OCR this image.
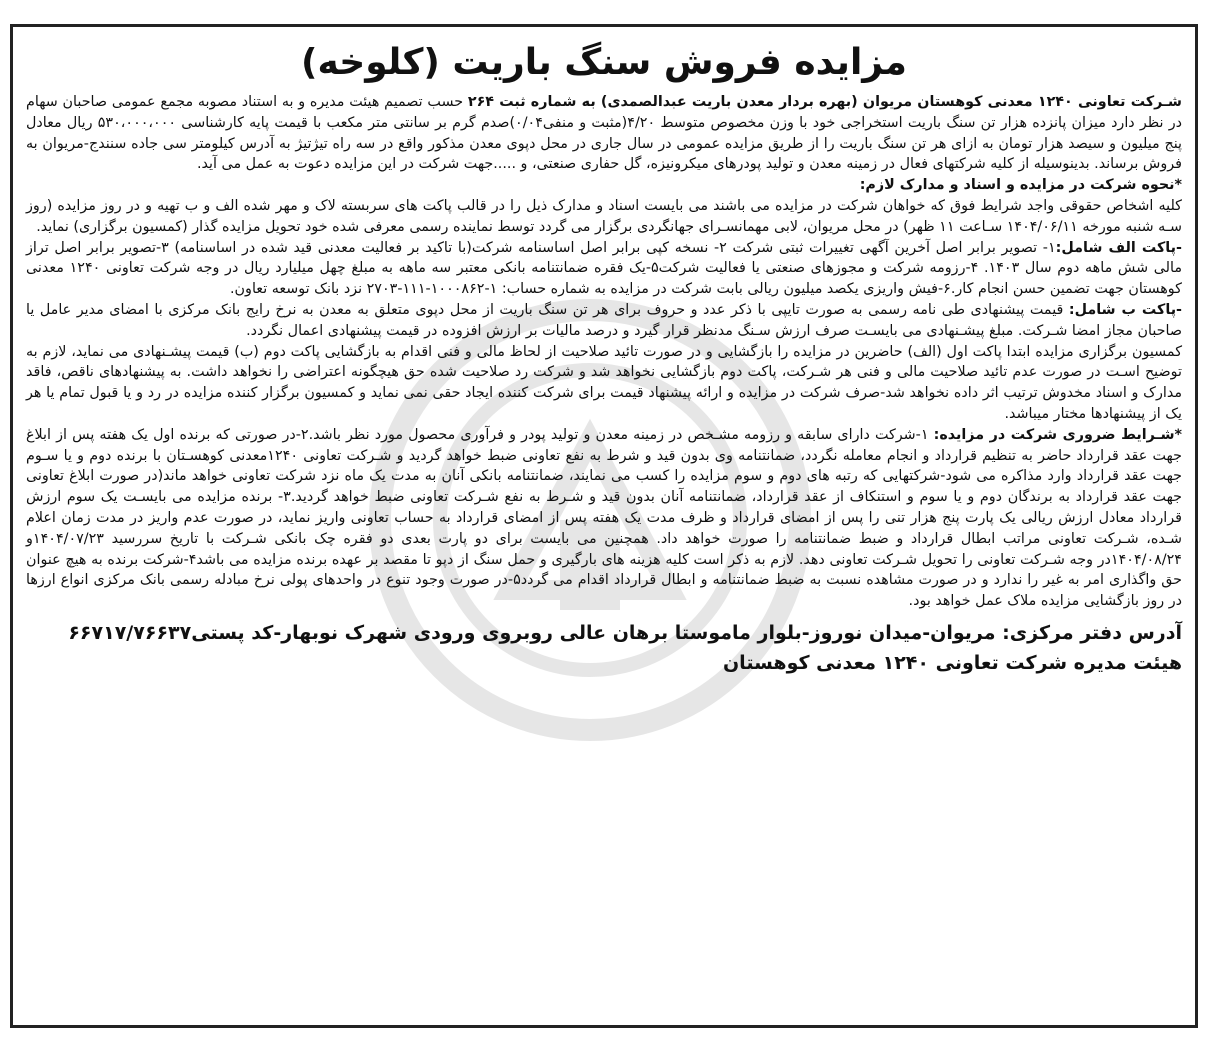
مزایده فروش سنگ باریت (کلوخه)

شـرکت تعاونی ۱۲۴۰ معدنی کوهستان مریوان (بهره بردار معدن باریت عبدالصمدی) به شماره ثبت ۲۶۴ حسب تصمیم هیئت مدیره و به استناد مصوبه مجمع عمومی صاحبان سهام در نظر دارد میزان پانزده هزار تن سنگ باریت استخراجی خود با وزن مخصوص متوسط ۴/۲۰(مثبت و منفی۰/۰۴)صدم گرم بر سانتی متر مکعب با قیمت پایه کارشناسی ۵۳۰،۰۰۰،۰۰۰ ریال معادل پنج میلیون و سیصد هزار تومان به ازای هر تن سنگ باریت را از طریق مزایده عمومی در سال جاری در محل دپوی معدن مذکور واقع در سه راه تیژتیژ به آدرس کیلومتر سی جاده سنندج-مریوان به فروش برساند. بدینوسیله از کلیه شرکتهای فعال در زمینه معدن و تولید پودرهای میکرونیزه، گل حفاری صنعتی، و .....جهت شرکت در این مزایده دعوت به عمل می آید.

*نحوه شرکت در مزایده و اسناد و مدارک لازم:

کلیه اشخاص حقوقی واجد شرایط فوق که خواهان شرکت در مزایده می باشند می بایست اسناد و مدارک ذیل را در قالب پاکت های سربسته لاک و مهر شده الف و ب تهیه و در روز مزایده (روز سـه شنبه مورخه ۱۴۰۴/۰۶/۱۱ سـاعت ۱۱ ظهر) در محل مریوان، لابی مهمانسـرای جهانگردی برگزار می گردد توسط نماینده رسمی معرفی شده خود تحویل مزایده گذار (کمسیون برگزاری) نماید.

-پاکت الف شامل:۱- تصویر برابر اصل آخرین آگهی تغییرات ثبتی شرکت ۲- نسخه کپی برابر اصل اساسنامه شرکت(با تاکید بر فعالیت معدنی قید شده در اساسنامه) ۳-تصویر برابر اصل تراز مالی شش ماهه دوم سال ۱۴۰۳. ۴-رزومه شرکت و مجوزهای صنعتی یا فعالیت شرکت۵-یک فقره ضمانتنامه بانکی معتبر سه ماهه به مبلغ چهل میلیارد ریال در وجه شرکت تعاونی ۱۲۴۰ معدنی کوهستان جهت تضمین حسن انجام کار.۶-فیش واریزی یکصد میلیون ریالی بابت شرکت در مزایده به شماره حساب: ۱-۱۰۰۰۸۶۲-۱۱۱-۲۷۰۳ نزد بانک توسعه تعاون.

-پاکت ب شامل: قیمت پیشنهادی طی نامه رسمی به صورت تایپی با ذکر عدد و حروف برای هر تن سنگ باریت از محل دپوی متعلق به معدن به نرخ رایج بانک مرکزی با امضای مدیر عامل یا صاحبان مجاز امضا شـرکت. مبلغ پیشـنهادی می بایسـت صرف ارزش سـنگ مدنظر قرار گیرد و درصد مالیات بر ارزش افزوده در قیمت پیشنهادی اعمال نگردد.

کمسیون برگزاری مزایده ابتدا پاکت اول (الف) حاضرین در مزایده را بازگشایی و در صورت تائید صلاحیت از لحاظ مالی و فنی اقدام به بازگشایی پاکت دوم (ب) قیمت پیشـنهادی می نماید، لازم به توضیح اسـت در صورت عدم تائید صلاحیت مالی و فنی هر شـرکت، پاکت دوم بازگشایی نخواهد شد و شرکت رد صلاحیت شده حق هیچگونه اعتراضی را نخواهد داشت. به پیشنهادهای ناقص، فاقد مدارک و اسناد مخدوش ترتیب اثر داده نخواهد شد-صرف شرکت در مزایده و ارائه پیشنهاد قیمت برای شرکت کننده ایجاد حقی نمی نماید و کمسیون برگزار کننده مزایده در رد و یا قبول تمام یا هر یک از پیشنهادها مختار میباشد.

*شـرایط ضروری شرکت در مزایده: ۱-شرکت دارای سابقه و رزومه مشـخص در زمینه معدن و تولید پودر و فرآوری محصول مورد نظر باشد.۲-در صورتی که برنده اول یک هفته پس از ابلاغ جهت عقد قرارداد حاضر به تنظیم قرارداد و انجام معامله نگردد، ضمانتنامه وی بدون قید و شرط به نفع تعاونی ضبط خواهد گردید و شـرکت تعاونی ۱۲۴۰معدنی کوهسـتان با برنده دوم و یا سـوم جهت عقد قرارداد وارد مذاکره می شود-شرکتهایی که رتبه های دوم و سوم مزایده را کسب می نمایند، ضمانتنامه بانکی آنان به مدت یک ماه نزد شرکت تعاونی خواهد ماند(در صورت ابلاغ تعاونی جهت عقد قرارداد به برندگان دوم و یا سوم و استنکاف از عقد قرارداد، ضمانتنامه آنان بدون قید و شـرط به نفع شـرکت تعاونی ضبط خواهد گردید.۳- برنده مزایده می بایسـت یک سوم ارزش قرارداد معادل ارزش ریالی یک پارت پنج هزار تنی را پس از امضای قرارداد و ظرف مدت یک هفته پس از امضای قرارداد به حساب تعاونی واریز نماید، در صورت عدم واریز در مدت زمان اعلام شـده، شـرکت تعاونی مراتب ابطال قرارداد و ضبط ضمانتنامه را صورت خواهد داد. همچنین می بایست برای دو پارت بعدی دو فقره چک بانکی شـرکت با تاریخ سررسید ۱۴۰۴/۰۷/۲۳و ۱۴۰۴/۰۸/۲۴در وجه شـرکت تعاونی را تحویل شـرکت تعاونی دهد. لازم به ذکر است کلیه هزینه های بارگیری و حمل سنگ از دپو تا مقصد بر عهده برنده مزایده می باشد۴-شرکت برنده به هیچ عنوان حق واگذاری امر به غیر را ندارد و در صورت مشاهده نسبت به ضبط ضمانتنامه و ابطال قرارداد اقدام می گردد۵-در صورت وجود تنوع در واحدهای پولی نرخ مبادله رسمی بانک مرکزی انواع ارزها در روز بازگشایی مزایده ملاک عمل خواهد بود.

آدرس دفتر مرکزی: مریوان-میدان نوروز-بلوار ماموستا برهان عالی روبروی ورودی شهرک نوبهار-کد پستی۶۶۷۱۷/۷۶۶۳۷
هیئت مدیره شرکت تعاونی ۱۲۴۰ معدنی کوهستان
